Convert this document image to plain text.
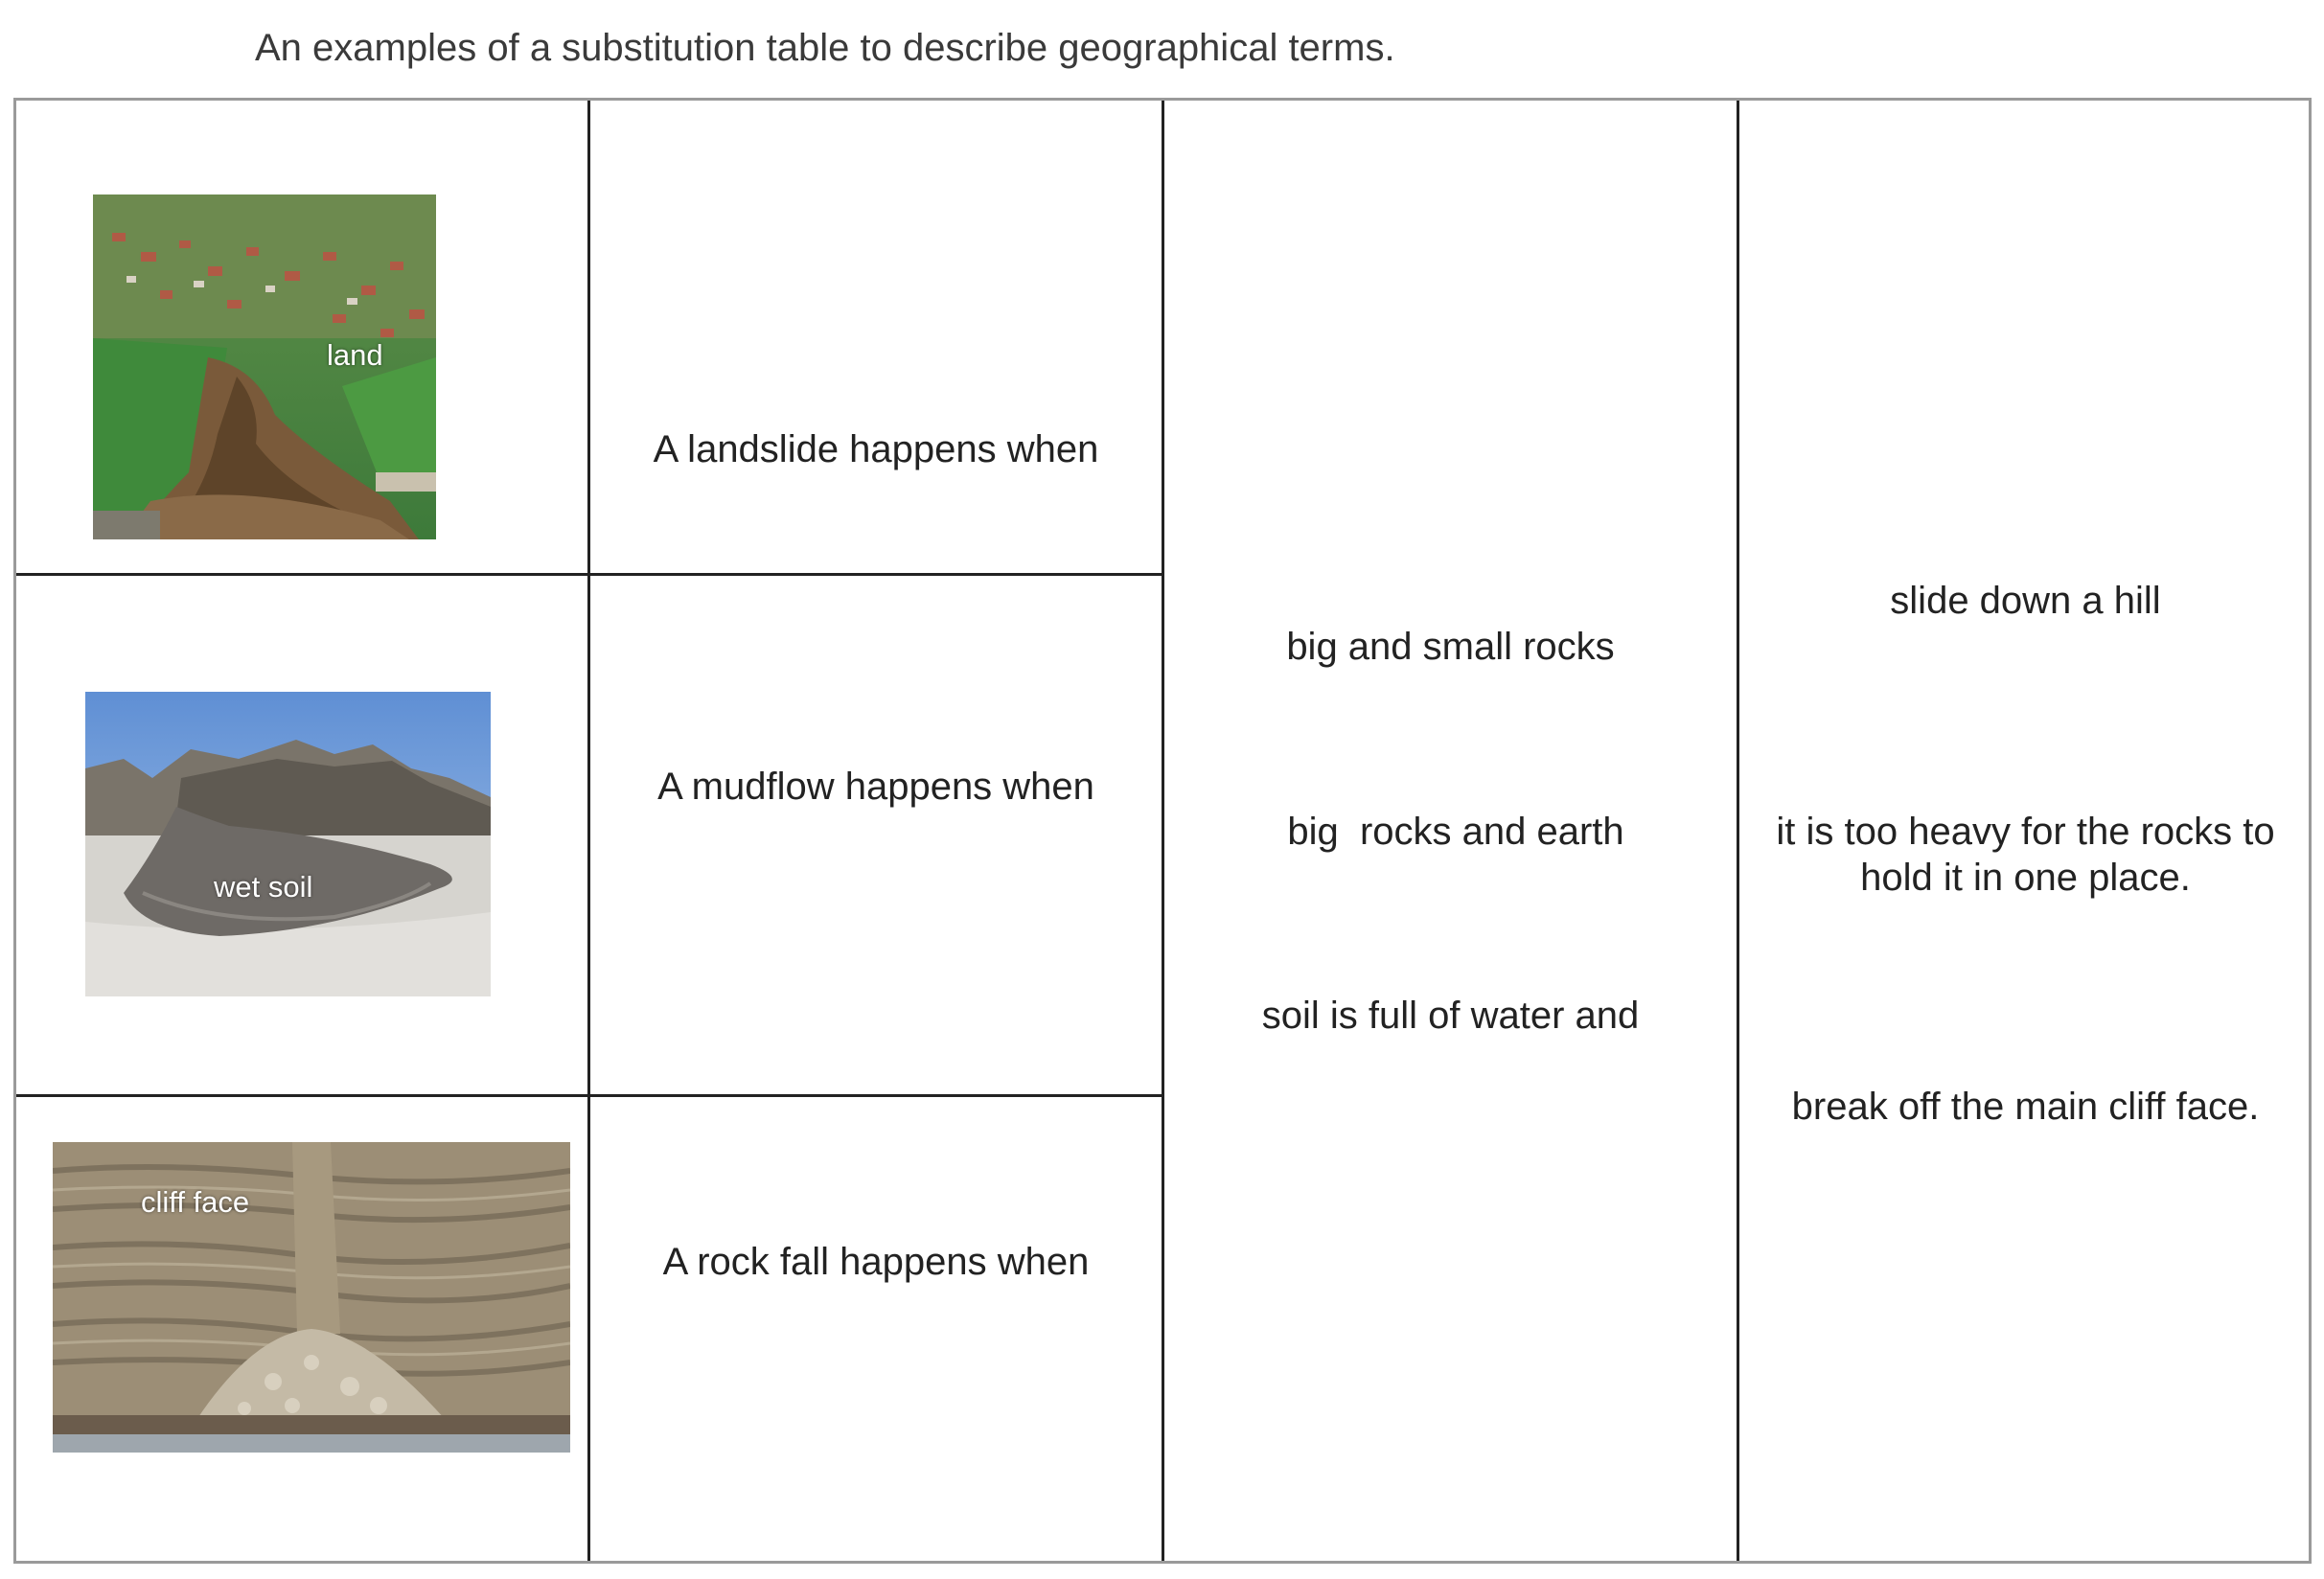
An examples of a substitution table to describe geographical terms.
land
wet soil
cliff face
A landslide happens when
A mudflow happens when
A rock fall happens when
big and small rocks
big  rocks and earth
soil is full of water and
slide down a hill
it is too heavy for the rocks to hold it in one place.
break off the main cliff face.
